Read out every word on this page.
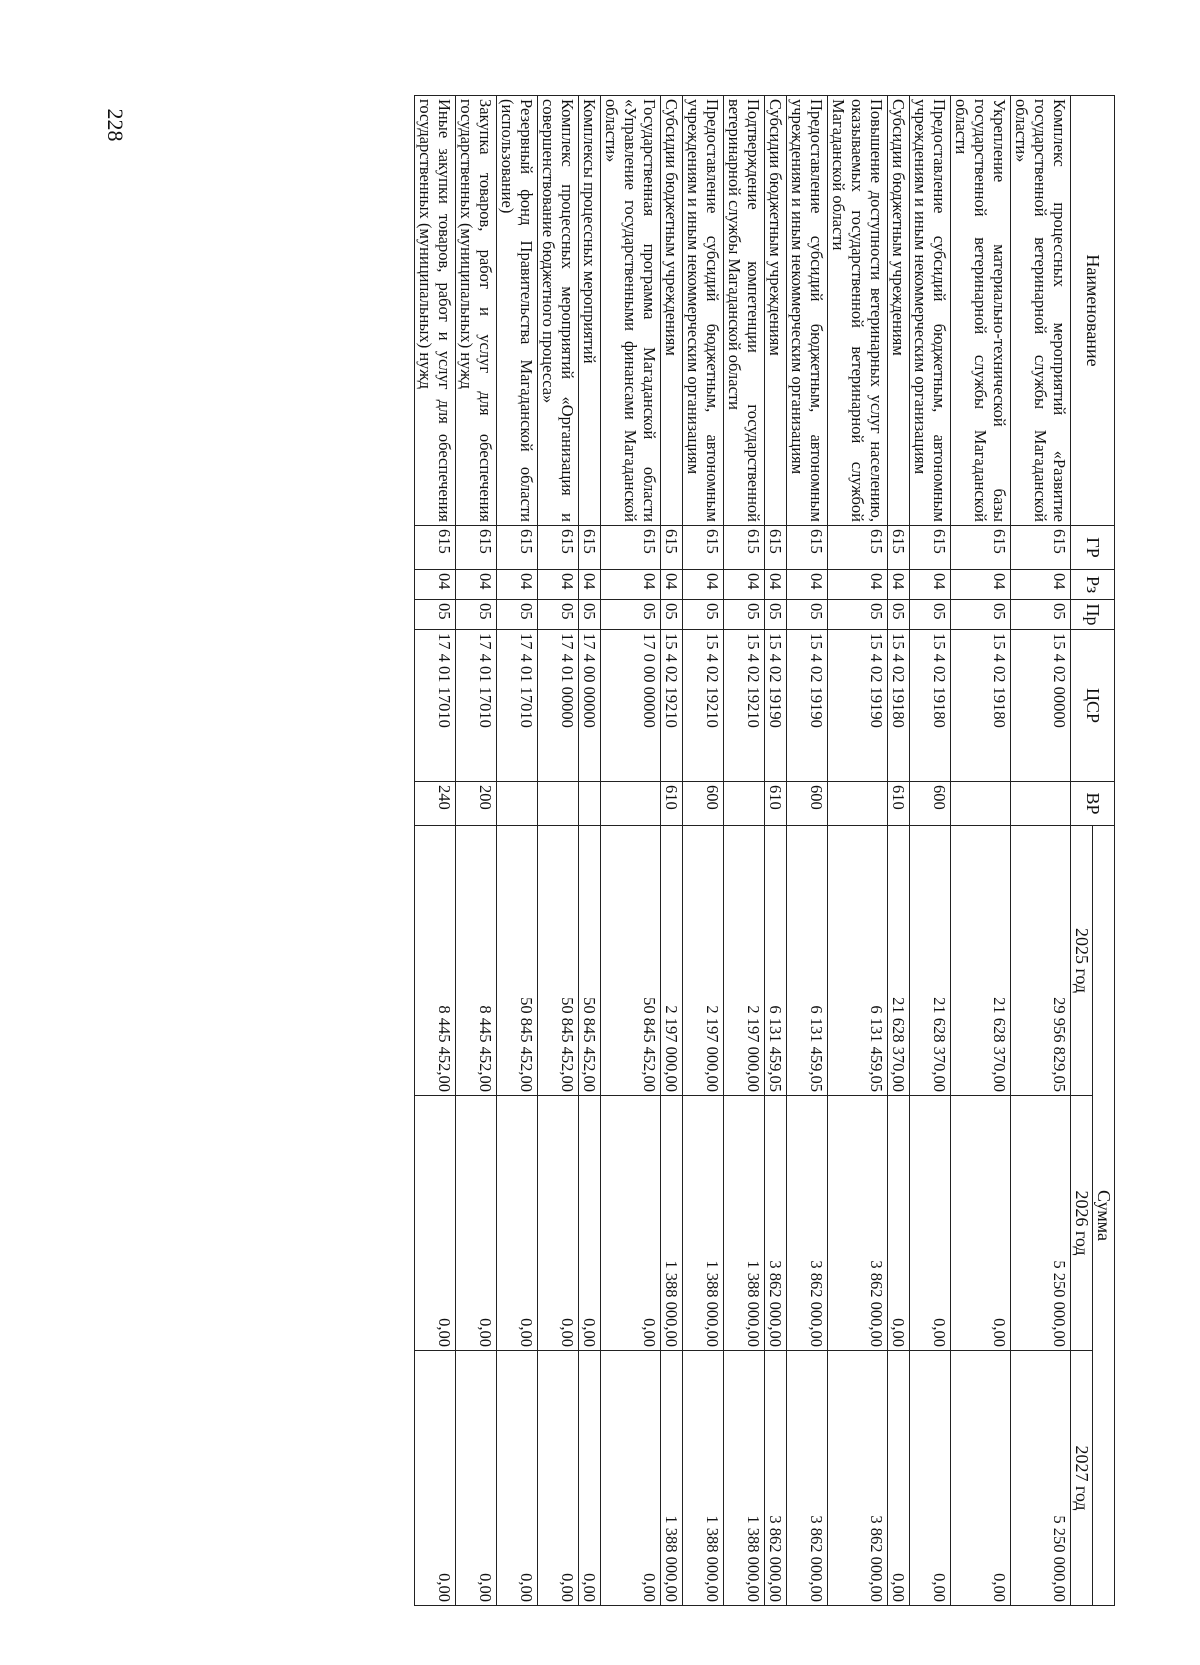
228
Наименование	ГР	Рз	Пр	ЦСР	ВР	Сумма		
						2025 год	2026 год	2027 год
Комплекс процессных мероприятий «Развитие государственной ветеринарной службы Магаданской области»	615	04	05	15 4 02 00000		29 956 829,05	5 250 000,00	5 250 000,00
Укрепление материально-технической базы государственной ветеринарной службы Магаданской области	615	04	05	15 4 02 19180		21 628 370,00	0,00	0,00
Предоставление субсидий бюджетным, автономным учреждениям и иным некоммерческим организациям	615	04	05	15 4 02 19180	600	21 628 370,00	0,00	0,00
Субсидии бюджетным учреждениям	615	04	05	15 4 02 19180	610	21 628 370,00	0,00	0,00
Повышение доступности ветеринарных услуг населению, оказываемых государственной ветеринарной службой Магаданской области	615	04	05	15 4 02 19190		6 131 459,05	3 862 000,00	3 862 000,00
Предоставление субсидий бюджетным, автономным учреждениям и иным некоммерческим организациям	615	04	05	15 4 02 19190	600	6 131 459,05	3 862 000,00	3 862 000,00
Субсидии бюджетным учреждениям	615	04	05	15 4 02 19190	610	6 131 459,05	3 862 000,00	3 862 000,00
Подтверждение компетенции государственной ветеринарной службы Магаданской области	615	04	05	15 4 02 19210		2 197 000,00	1 388 000,00	1 388 000,00
Предоставление субсидий бюджетным, автономным учреждениям и иным некоммерческим организациям	615	04	05	15 4 02 19210	600	2 197 000,00	1 388 000,00	1 388 000,00
Субсидии бюджетным учреждениям	615	04	05	15 4 02 19210	610	2 197 000,00	1 388 000,00	1 388 000,00
Государственная программа Магаданской области «Управление государственными финансами Магаданской области»	615	04	05	17 0 00 00000		50 845 452,00	0,00	0,00
Комплексы процессных мероприятий	615	04	05	17 4 00 00000		50 845 452,00	0,00	0,00
Комплекс процессных мероприятий «Организация и совершенствование бюджетного процесса»	615	04	05	17 4 01 00000		50 845 452,00	0,00	0,00
Резервный фонд Правительства Магаданской области (использование)	615	04	05	17 4 01 17010		50 845 452,00	0,00	0,00
Закупка товаров, работ и услуг для обеспечения государственных (муниципальных) нужд	615	04	05	17 4 01 17010	200	8 445 452,00	0,00	0,00
Иные закупки товаров, работ и услуг для обеспечения государственных (муниципальных) нужд	615	04	05	17 4 01 17010	240	8 445 452,00	0,00	0,00
